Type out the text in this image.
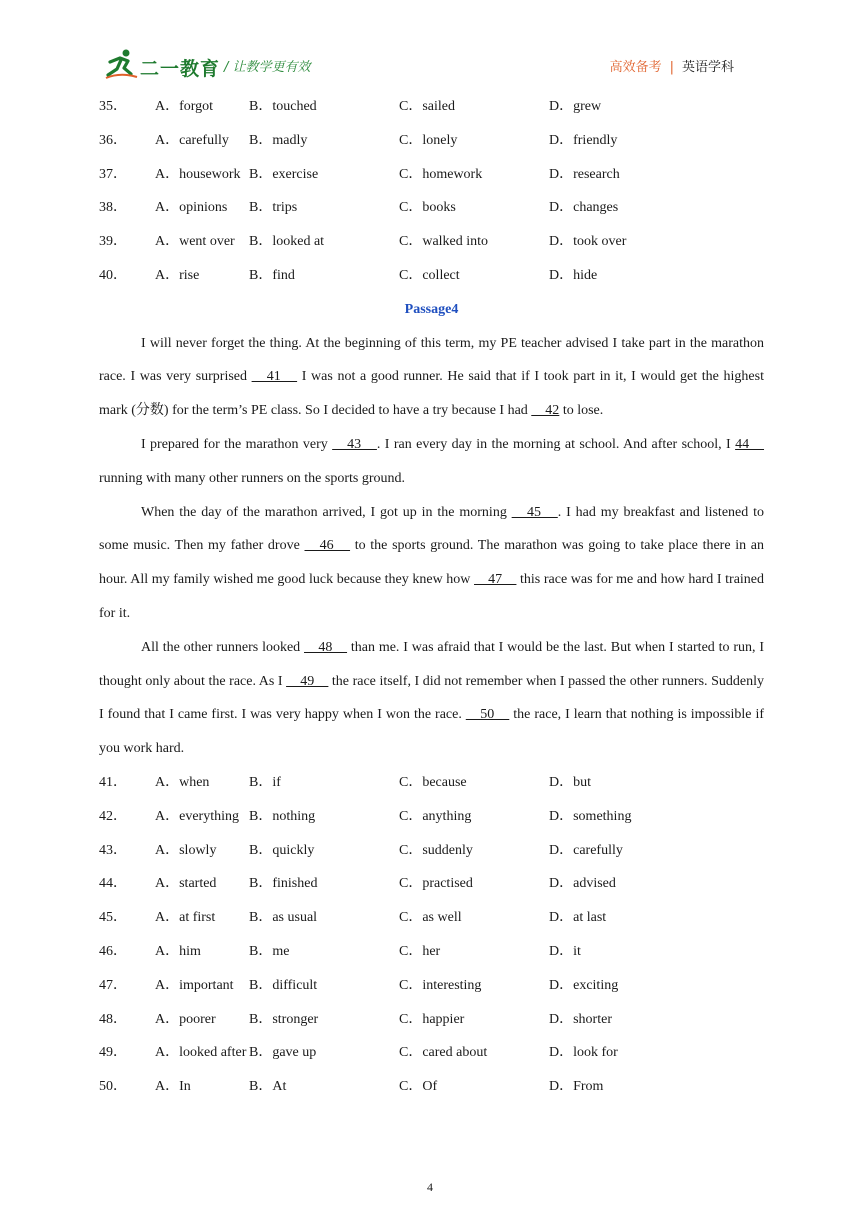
二一教育 / 让教学更有效	高效备考 | 英语学科
35． A．forgot	B．touched	C．sailed	D．grew
36． A．carefully B．madly	C．lonely	D．friendly
37． A．housework B．exercise	C．homework	D．research
38． A．opinions B．trips	C．books	D．changes
39． A．went over B．looked at	C．walked into	D．took over
40． A．rise	B．find	C．collect	D．hide
Passage4

I will never forget the thing. At the beginning of this term, my PE teacher advised I take part in the marathon race. I was very surprised ＿41＿ I was not a good runner. He said that if I took part in it, I would get the highest mark (分数) for the term’s PE class. So I decided to have a try because I had ＿42 to lose.

I prepared for the marathon very ＿43＿. I ran every day in the morning at school. And after school, I 44＿ running with many other runners on the sports ground.

When the day of the marathon arrived, I got up in the morning ＿45＿. I had my breakfast and listened to some music. Then my father drove ＿46＿ to the sports ground. The marathon was going to take place there in an hour. All my family wished me good luck because they knew how ＿47＿ this race was for me and how hard I trained for it.

All the other runners looked ＿48＿ than me. I was afraid that I would be the last. But when I started to run, I thought only about the race. As I ＿49＿ the race itself, I did not remember when I passed the other runners. Suddenly I found that I came first. I was very happy when I won the race. ＿50＿ the race, I learn that nothing is impossible if you work hard.

41． A．when	B．if	C．because	D．but
42． A．everything B．nothing	C．anything	D．something
43． A．slowly B．quickly	C．suddenly	D．carefully
44． A．started B．finished	C．practised	D．advised
45． A．at first B．as usual	C．as well	D．at last
46． A．him	B．me	C．her	D．it
47． A．important B．difficult	C．interesting	D．exciting
48． A．poorer B．stronger	C．happier	D．shorter
49． A．looked after B．gave up	C．cared about	D．look for
50． A．In	B．At	C．Of	D．From
4
